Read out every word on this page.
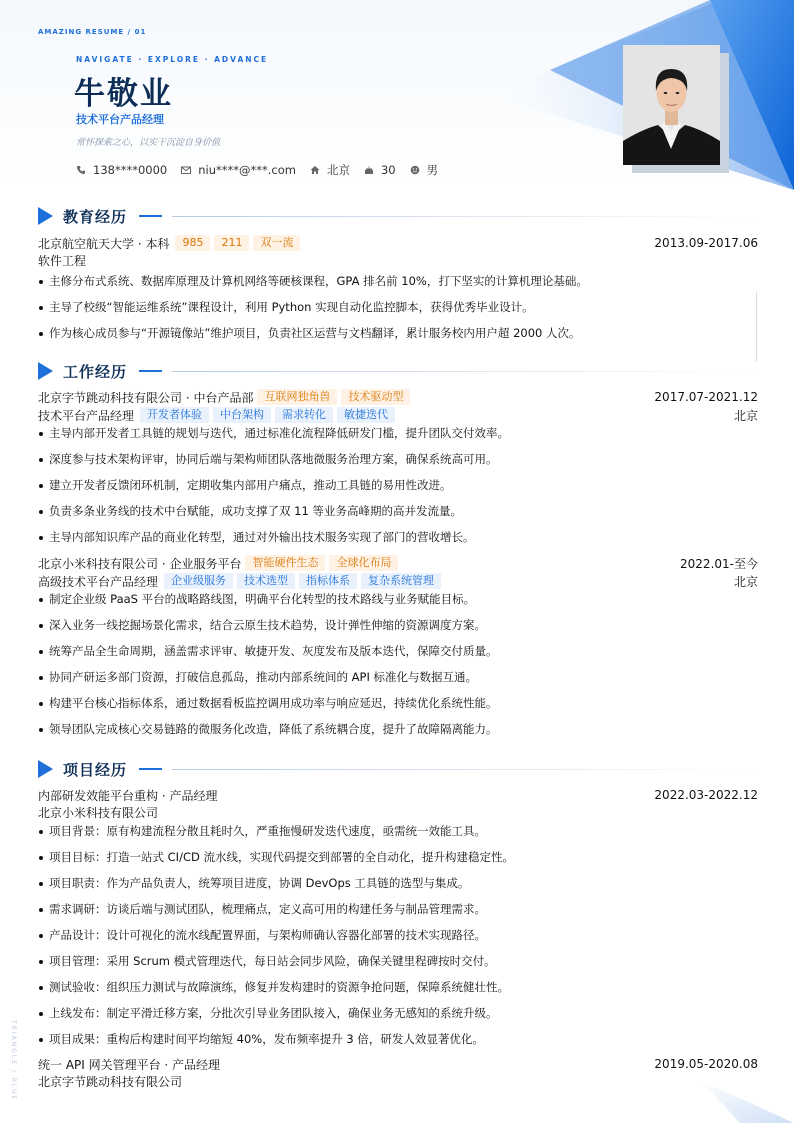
AMAZING RESUME / 01
NAVIGATE · EXPLORE · ADVANCE
牛敬业
技术平台产品经理
常怀探索之心，以实干沉淀自身价值
138****0000	niu****@***.com	北京	30	男
教育经历
北京航空航天大学 · 本科	985	211	双一流	2013.09-2017.06
软件工程
主修分布式系统、数据库原理及计算机网络等硬核课程，GPA 排名前 10%，打下坚实的计算机理论基础。
主导了校级“智能运维系统”课程设计，利用 Python 实现自动化监控脚本，获得优秀毕业设计。
作为核心成员参与“开源镜像站”维护项目，负责社区运营与文档翻译，累计服务校内用户超 2000 人次。
工作经历
北京字节跳动科技有限公司 · 中台产品部	互联网独角兽	技术驱动型	2017.07-2021.12
技术平台产品经理	开发者体验	中台架构	需求转化	敏捷迭代	北京
主导内部开发者工具链的规划与迭代，通过标准化流程降低研发门槛，提升团队交付效率。
深度参与技术架构评审，协同后端与架构师团队落地微服务治理方案，确保系统高可用。
建立开发者反馈闭环机制，定期收集内部用户痛点，推动工具链的易用性改进。
负责多条业务线的技术中台赋能，成功支撑了双 11 等业务高峰期的高并发流量。
主导内部知识库产品的商业化转型，通过对外输出技术服务实现了部门的营收增长。
北京小米科技有限公司 · 企业服务平台	智能硬件生态	全球化布局	2022.01-至今
高级技术平台产品经理	企业级服务	技术选型	指标体系	复杂系统管理	北京
制定企业级 PaaS 平台的战略路线图，明确平台化转型的技术路线与业务赋能目标。
深入业务一线挖掘场景化需求，结合云原生技术趋势，设计弹性伸缩的资源调度方案。
统筹产品全生命周期，涵盖需求评审、敏捷开发、灰度发布及版本迭代，保障交付质量。
协同产研运多部门资源，打破信息孤岛，推动内部系统间的 API 标准化与数据互通。
构建平台核心指标体系，通过数据看板监控调用成功率与响应延迟，持续优化系统性能。
领导团队完成核心交易链路的微服务化改造，降低了系统耦合度，提升了故障隔离能力。
项目经历
内部研发效能平台重构 · 产品经理	2022.03-2022.12
北京小米科技有限公司
项目背景：原有构建流程分散且耗时久，严重拖慢研发迭代速度，亟需统一效能工具。
项目目标：打造一站式 CI/CD 流水线，实现代码提交到部署的全自动化，提升构建稳定性。
项目职责：作为产品负责人，统筹项目进度，协调 DevOps 工具链的选型与集成。
需求调研：访谈后端与测试团队，梳理痛点，定义高可用的构建任务与制品管理需求。
产品设计：设计可视化的流水线配置界面，与架构师确认容器化部署的技术实现路径。
项目管理：采用 Scrum 模式管理迭代，每日站会同步风险，确保关键里程碑按时交付。
测试验收：组织压力测试与故障演练，修复并发构建时的资源争抢问题，保障系统健壮性。
上线发布：制定平滑迁移方案，分批次引导业务团队接入，确保业务无感知的系统升级。
项目成果：重构后构建时间平均缩短 40%，发布频率提升 3 倍，研发人效显著优化。
统一 API 网关管理平台 · 产品经理	2019.05-2020.08
北京字节跳动科技有限公司
TRIANGLE / BLUE
